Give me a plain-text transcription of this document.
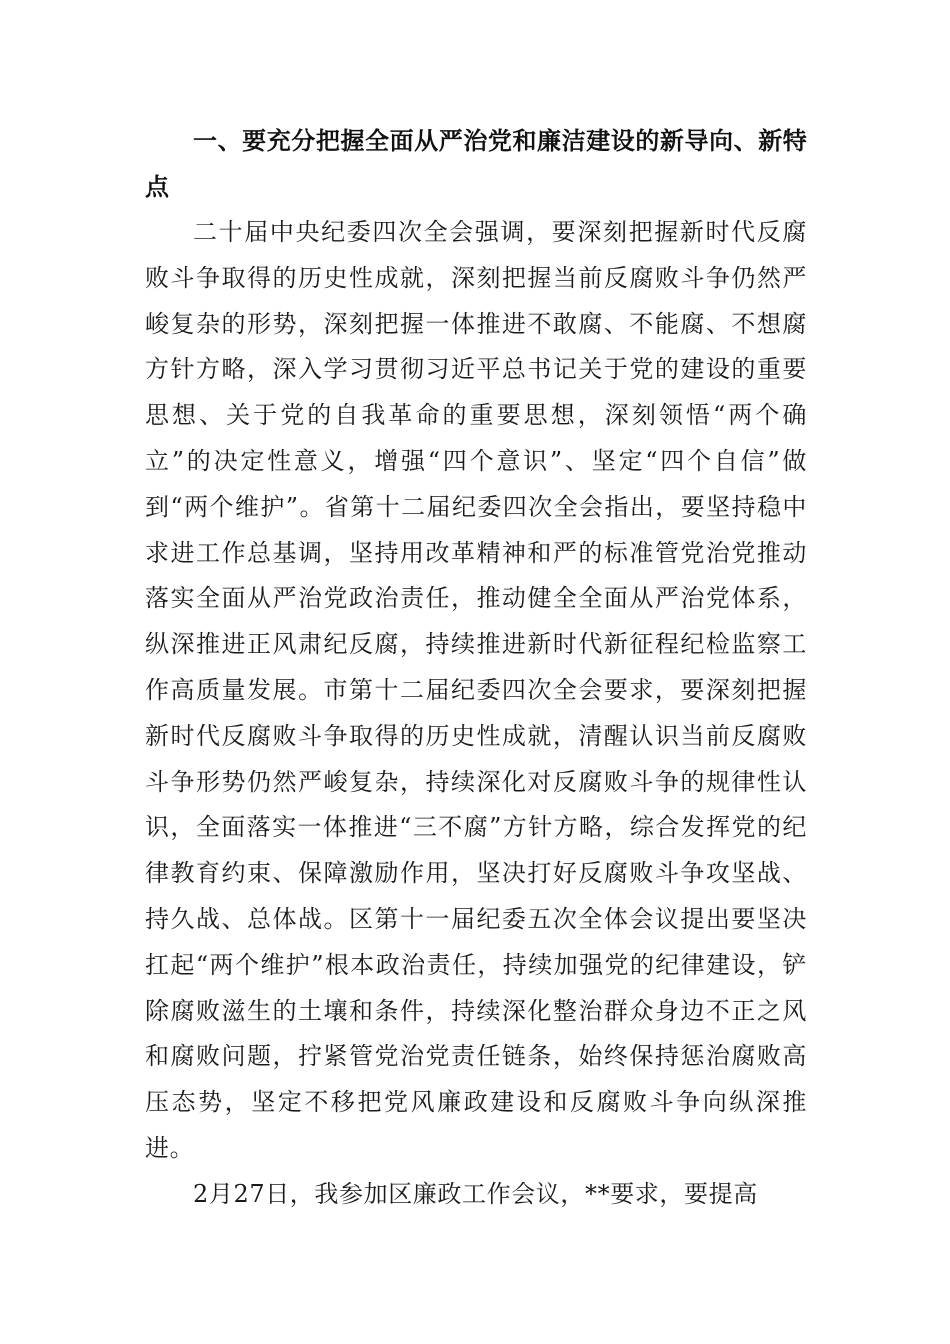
一、要充分把握全面从严治党和廉洁建设的新导向、新特点

二十届中央纪委四次全会强调，要深刻把握新时代反腐败斗争取得的历史性成就，深刻把握当前反腐败斗争仍然严峻复杂的形势，深刻把握一体推进不敢腐、不能腐、不想腐方针方略，深入学习贯彻习近平总书记关于党的建设的重要思想、关于党的自我革命的重要思想，深刻领悟“两个确立”的决定性意义，增强“四个意识”、坚定“四个自信”做到“两个维护”。省第十二届纪委四次全会指出，要坚持稳中求进工作总基调，坚持用改革精神和严的标准管党治党推动落实全面从严治党政治责任，推动健全全面从严治党体系，纵深推进正风肃纪反腐，持续推进新时代新征程纪检监察工作高质量发展。市第十二届纪委四次全会要求，要深刻把握新时代反腐败斗争取得的历史性成就，清醒认识当前反腐败斗争形势仍然严峻复杂，持续深化对反腐败斗争的规律性认识，全面落实一体推进“三不腐”方针方略，综合发挥党的纪律教育约束、保障激励作用，坚决打好反腐败斗争攻坚战、持久战、总体战。区第十一届纪委五次全体会议提出要坚决扛起“两个维护”根本政治责任，持续加强党的纪律建设，铲除腐败滋生的土壤和条件，持续深化整治群众身边不正之风和腐败问题，拧紧管党治党责任链条，始终保持惩治腐败高压态势，坚定不移把党风廉政建设和反腐败斗争向纵深推进。

2月27日，我参加区廉政工作会议，**要求，要提高
